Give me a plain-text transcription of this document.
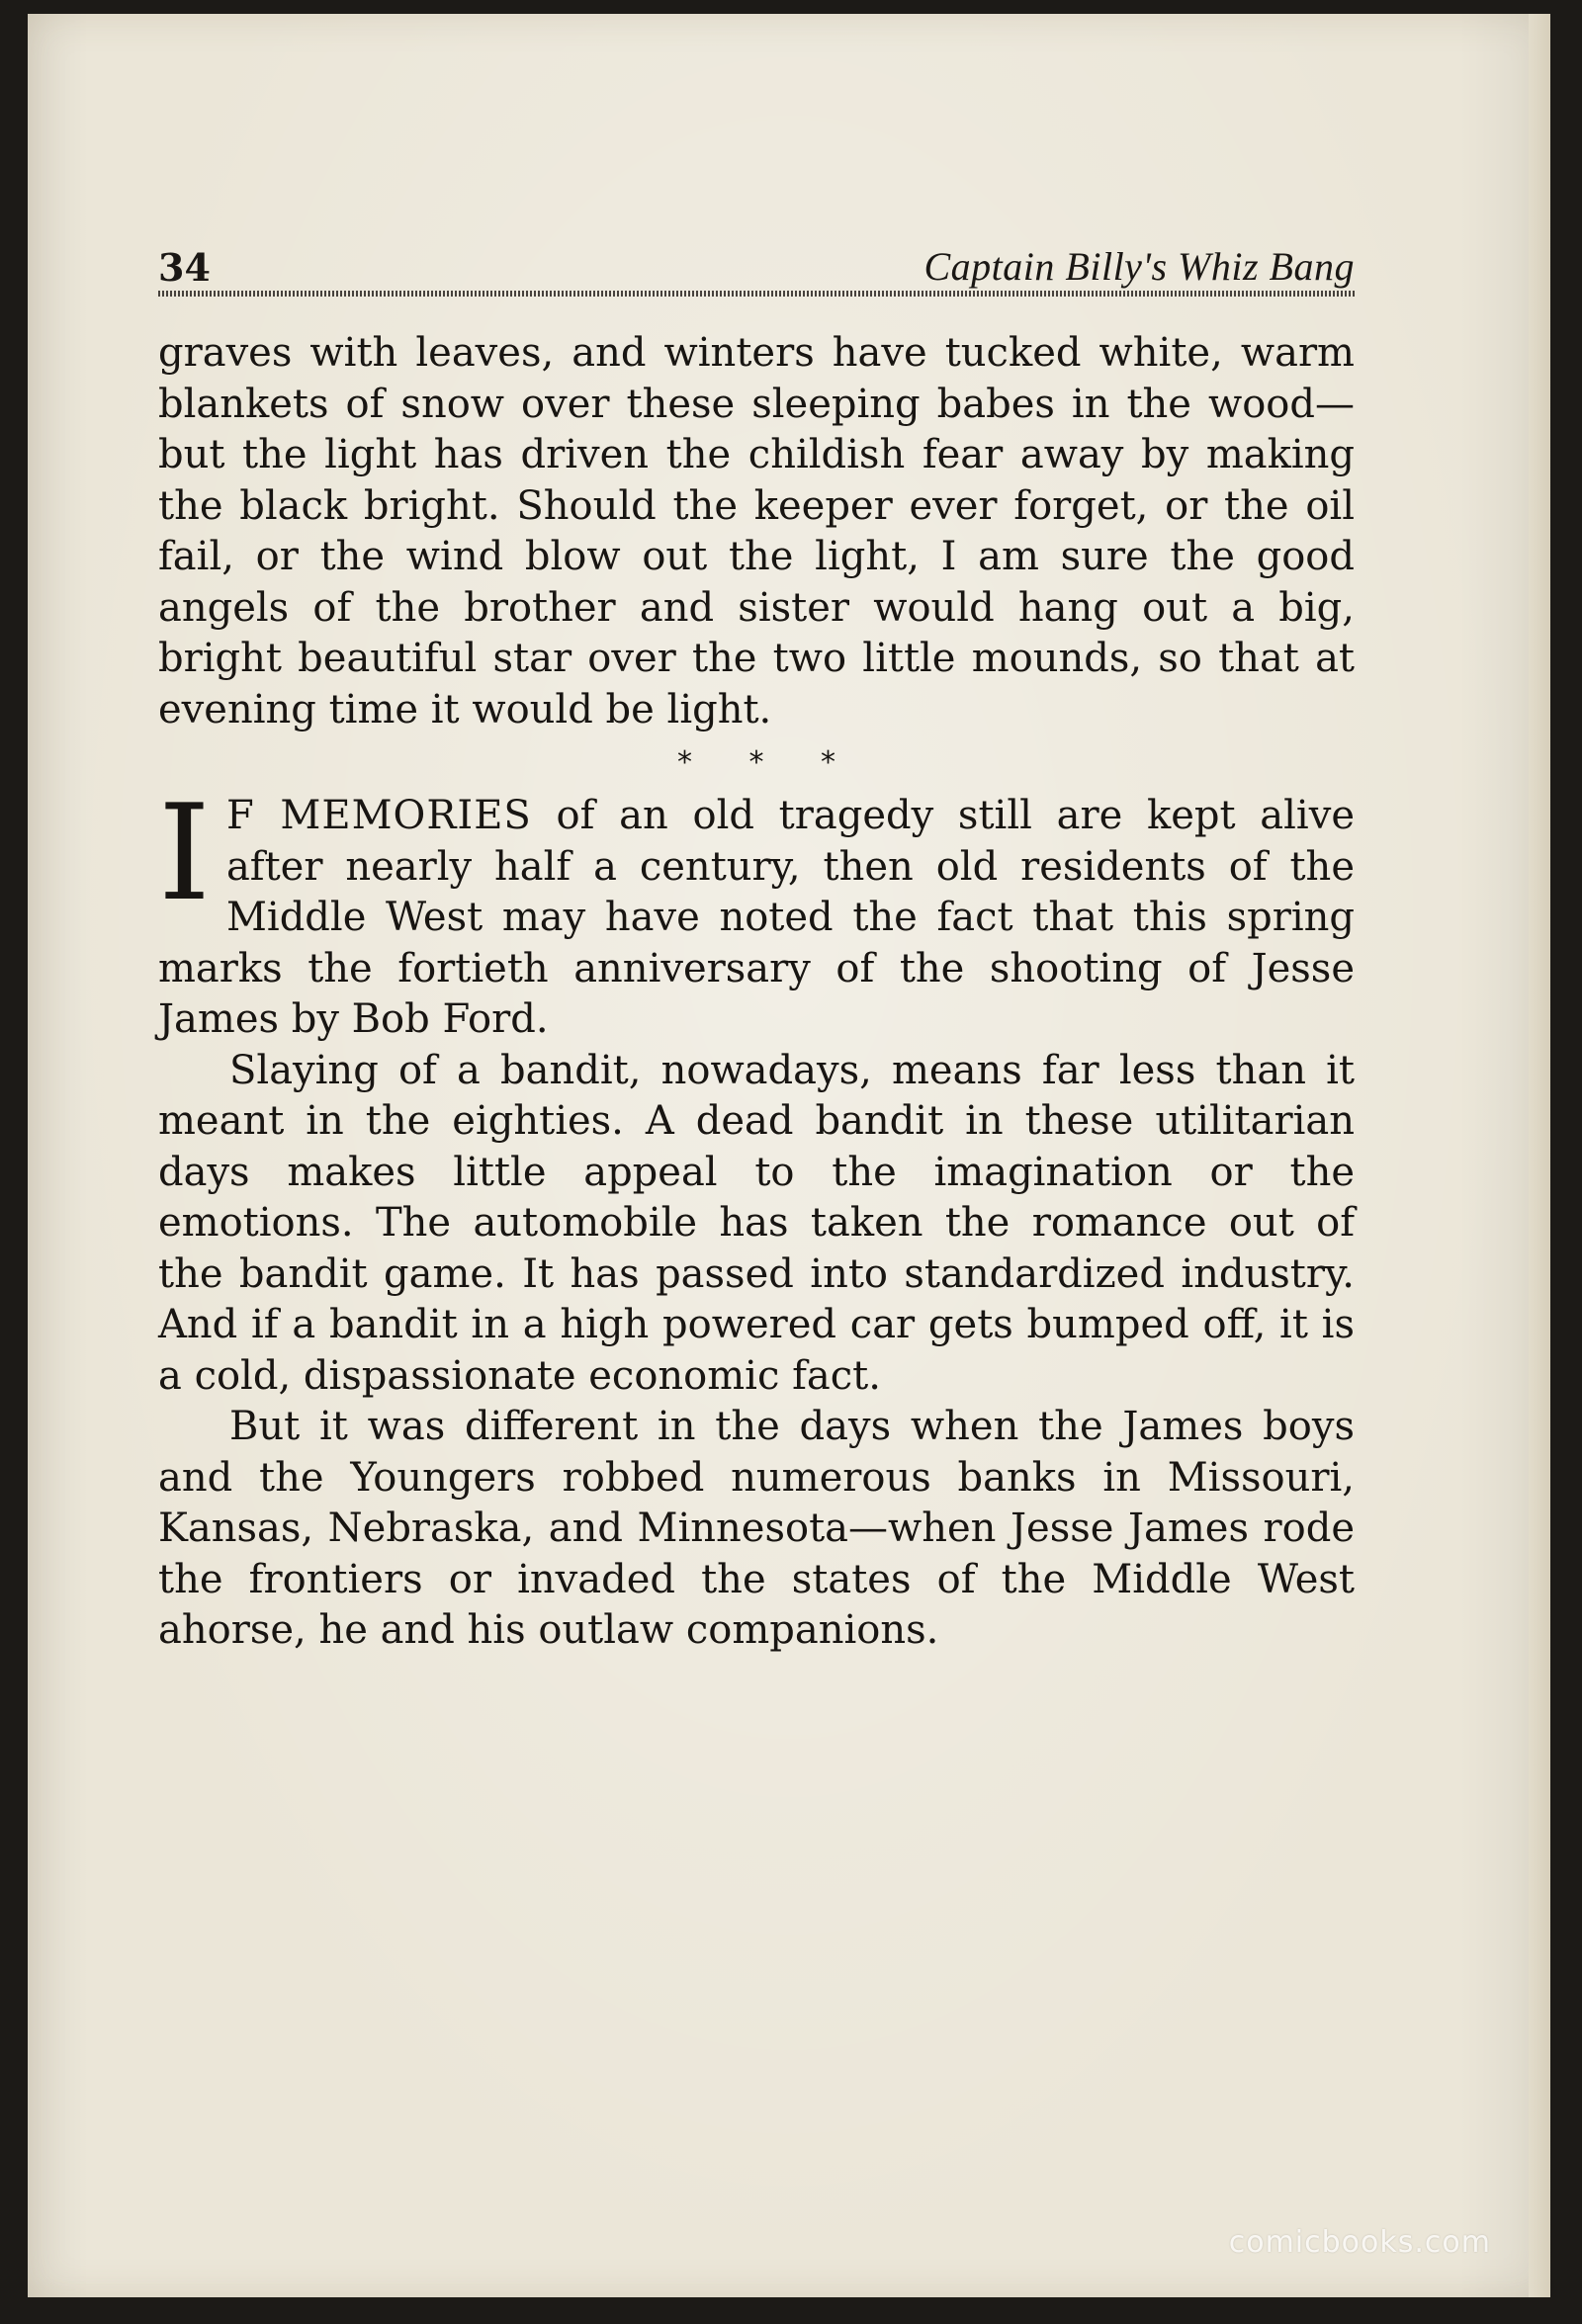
34	Captain Billy's Whiz Bang

graves with leaves, and winters have tucked white, warm blankets of snow over these sleeping babes in the wood—but the light has driven the childish fear away by making the black bright. Should the keeper ever forget, or the oil fail, or the wind blow out the light, I am sure the good angels of the brother and sister would hang out a big, bright beautiful star over the two little mounds, so that at evening time it would be light.

* * *

I F MEMORIES of an old tragedy still are kept alive after nearly half a century, then old residents of the Middle West may have noted the fact that this spring marks the fortieth anniversary of the shooting of Jesse James by Bob Ford.

Slaying of a bandit, nowadays, means far less than it meant in the eighties. A dead bandit in these utilitarian days makes little appeal to the imagination or the emotions. The automobile has taken the romance out of the bandit game. It has passed into standardized industry. And if a bandit in a high powered car gets bumped off, it is a cold, dispassionate economic fact.

But it was different in the days when the James boys and the Youngers robbed numerous banks in Missouri, Kansas, Nebraska, and Minnesota—when Jesse James rode the frontiers or invaded the states of the Middle West ahorse, he and his outlaw companions.

comicbooks.com
